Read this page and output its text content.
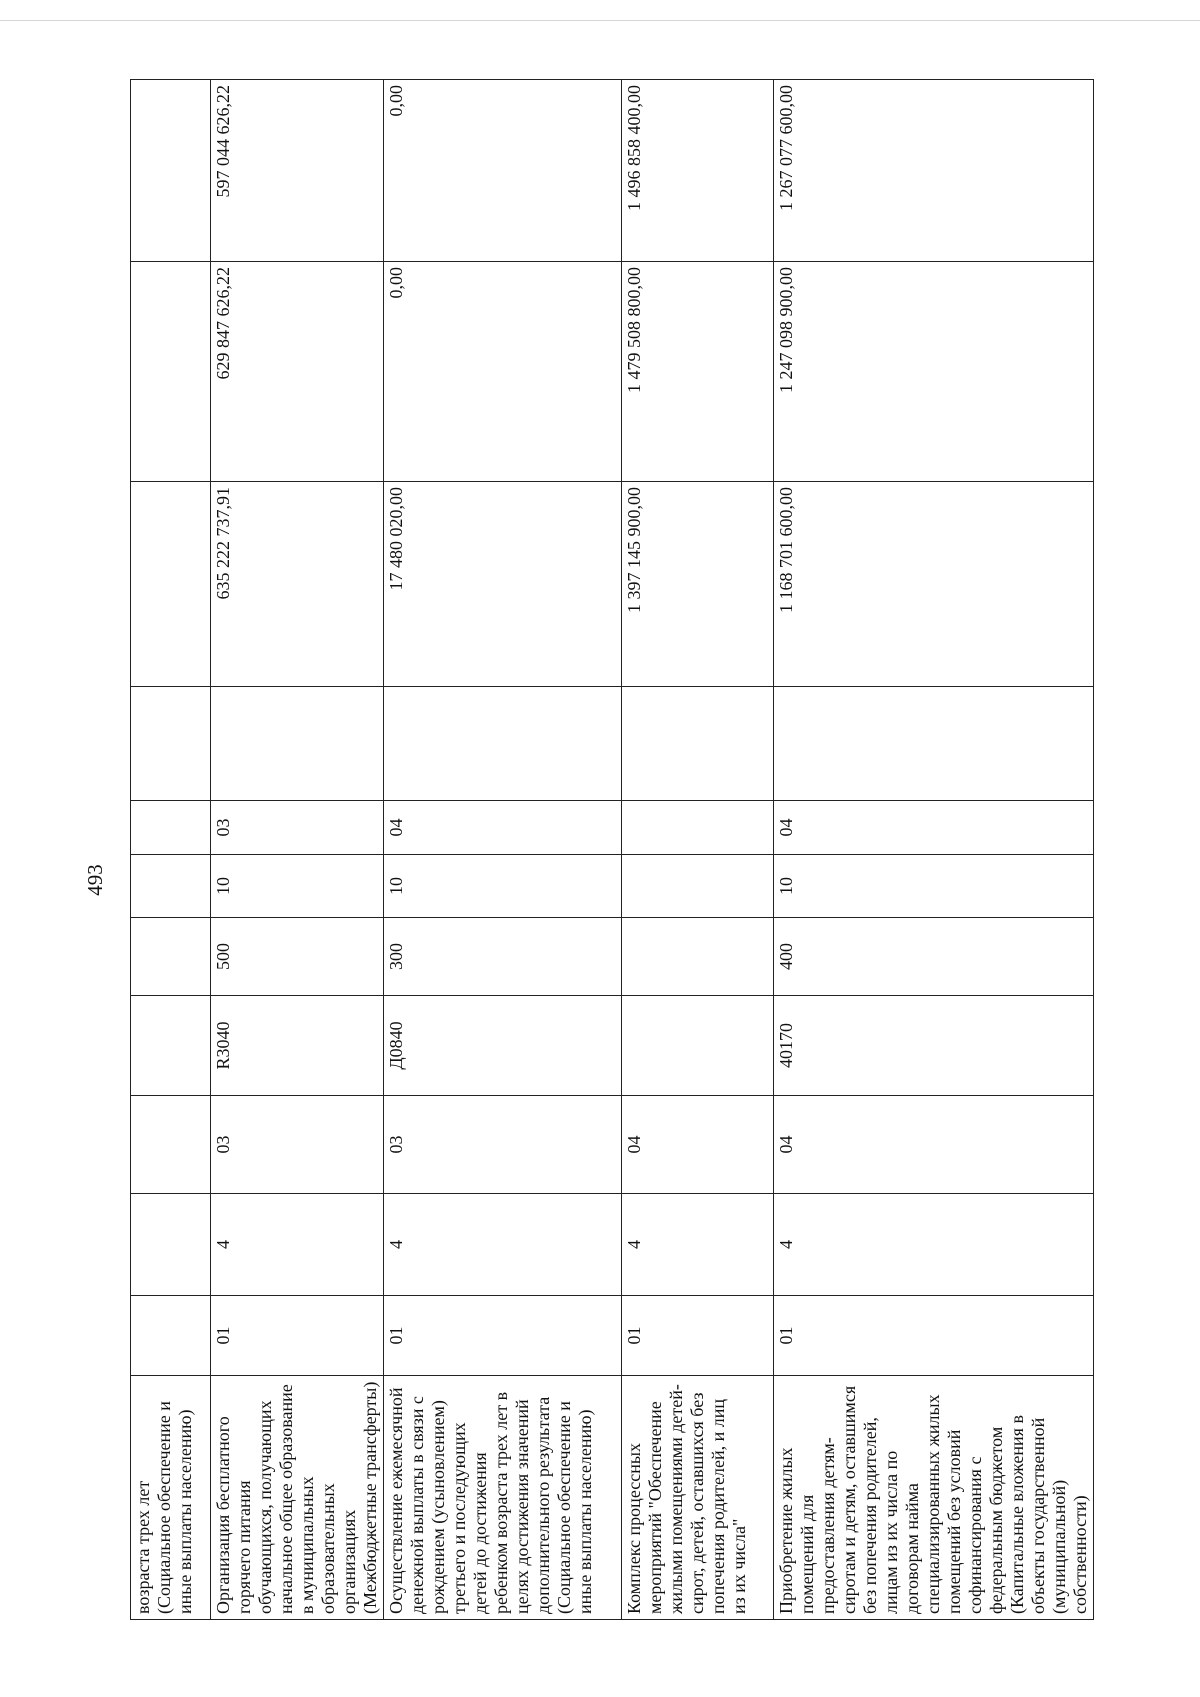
493
возраста трех лет (Социальное обеспечение и иные выплаты населению)											
Организация бесплатного горячего питания обучающихся, получающих начальное общее образование в муниципальных образовательных организациях (Межбюджетные трансферты)	01	4	03	R3040	500	10	03		635 222 737,91	629 847 626,22	597 044 626,22
Осуществление ежемесячной денежной выплаты в связи с рождением (усыновлением) третьего и последующих детей до достижения ребенком возраста трех лет в целях достижения значений дополнительного результата (Социальное обеспечение и иные выплаты населению)	01	4	03	Д0840	300	10	04		17 480 020,00	0,00	0,00
Комплекс процессных мероприятий "Обеспечение жилыми помещениями детей-сирот, детей, оставшихся без попечения родителей, и лиц из их числа"	01	4	04						1 397 145 900,00	1 479 508 800,00	1 496 858 400,00
Приобретение жилых помещений для предоставления детям-сиротам и детям, оставшимся без попечения родителей, лицам из их числа по договорам найма специализированных жилых помещений без условий софинансирования с федеральным бюджетом (Капитальные вложения в объекты государственной (муниципальной) собственности)	01	4	04	40170	400	10	04		1 168 701 600,00	1 247 098 900,00	1 267 077 600,00
